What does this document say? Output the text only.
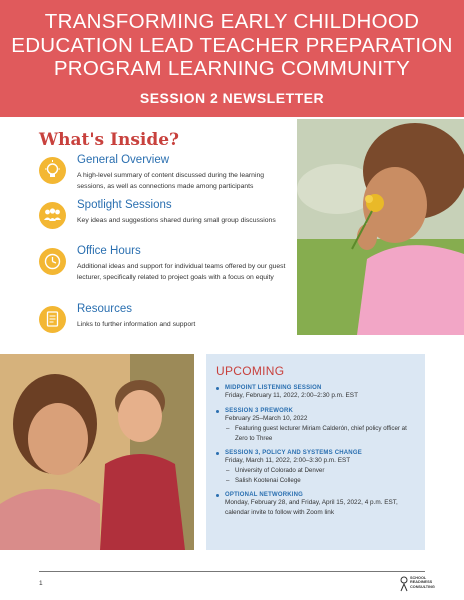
TRANSFORMING EARLY CHILDHOOD EDUCATION LEAD TEACHER PREPARATION PROGRAM LEARNING COMMUNITY
SESSION 2 NEWSLETTER
What's Inside?
General Overview
A high-level summary of content discussed during the learning sessions, as well as connections made among participants
Spotlight Sessions
Key ideas and suggestions shared during small group discussions
Office Hours
Additional ideas and support for individual teams offered by our guest lecturer, specifically related to project goals with a focus on equity
Resources
Links to further information and support
UPCOMING
MIDPOINT LISTENING SESSION
Friday, February 11, 2022, 2:00–2:30 p.m. EST
SESSION 3 PREWORK
February 25–March 10, 2022
– Featuring guest lecturer Miriam Calderón, chief policy officer at Zero to Three
SESSION 3, POLICY AND SYSTEMS CHANGE
Friday, March 11, 2022, 2:00–3:30 p.m. EST
– University of Colorado at Denver
– Salish Kootenai College
OPTIONAL NETWORKING
Monday, February 28, and Friday, April 15, 2022, 4 p.m. EST, calendar invite to follow with Zoom link
1
SCHOOL READINESS CONSULTING
